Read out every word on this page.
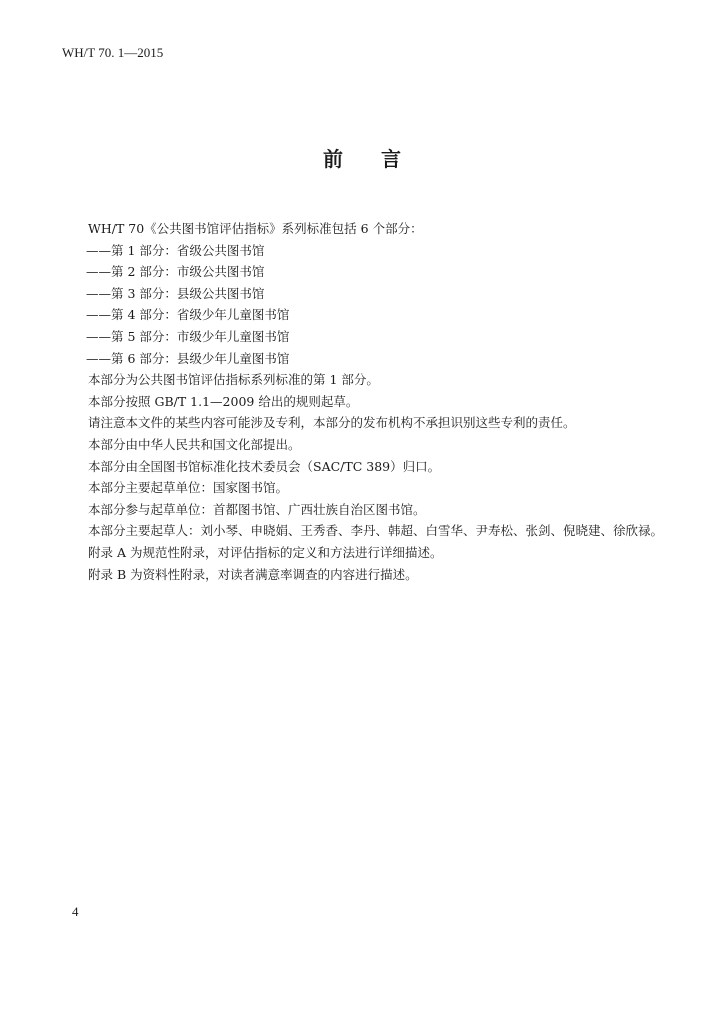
WH/T 70. 1—2015
前言
WH/T 70《公共图书馆评估指标》系列标准包括 6 个部分：
——第 1 部分：省级公共图书馆
——第 2 部分：市级公共图书馆
——第 3 部分：县级公共图书馆
——第 4 部分：省级少年儿童图书馆
——第 5 部分：市级少年儿童图书馆
——第 6 部分：县级少年儿童图书馆
本部分为公共图书馆评估指标系列标准的第 1 部分。
本部分按照 GB/T 1.1—2009 给出的规则起草。
请注意本文件的某些内容可能涉及专利，本部分的发布机构不承担识别这些专利的责任。
本部分由中华人民共和国文化部提出。
本部分由全国图书馆标准化技术委员会（SAC/TC 389）归口。
本部分主要起草单位：国家图书馆。
本部分参与起草单位：首都图书馆、广西壮族自治区图书馆。
本部分主要起草人：刘小琴、申晓娟、王秀香、李丹、韩超、白雪华、尹寿松、张剑、倪晓建、徐欣禄。
附录 A 为规范性附录，对评估指标的定义和方法进行详细描述。
附录 B 为资料性附录，对读者满意率调查的内容进行描述。
4
